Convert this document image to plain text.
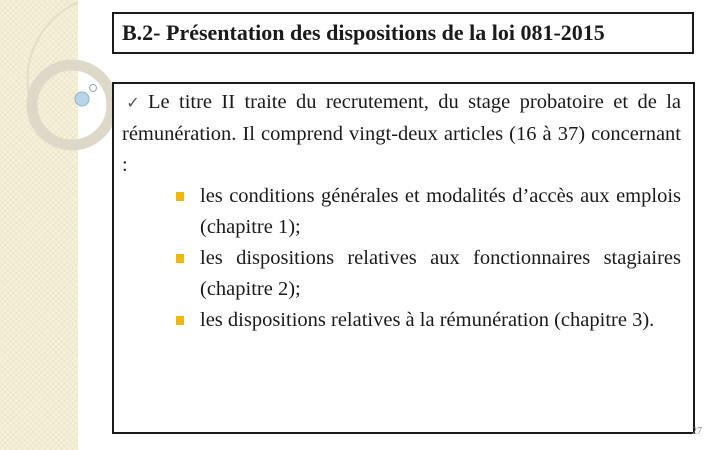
B.2- Présentation des dispositions de la loi 081-2015

✓ Le titre II traite du recrutement, du stage probatoire et de la rémunération. Il comprend vingt-deux articles (16 à 37) concernant :

les conditions générales et modalités d’accès aux emplois (chapitre 1);
les dispositions relatives aux fonctionnaires stagiaires (chapitre 2);
les dispositions relatives à la rémunération (chapitre 3).
27
